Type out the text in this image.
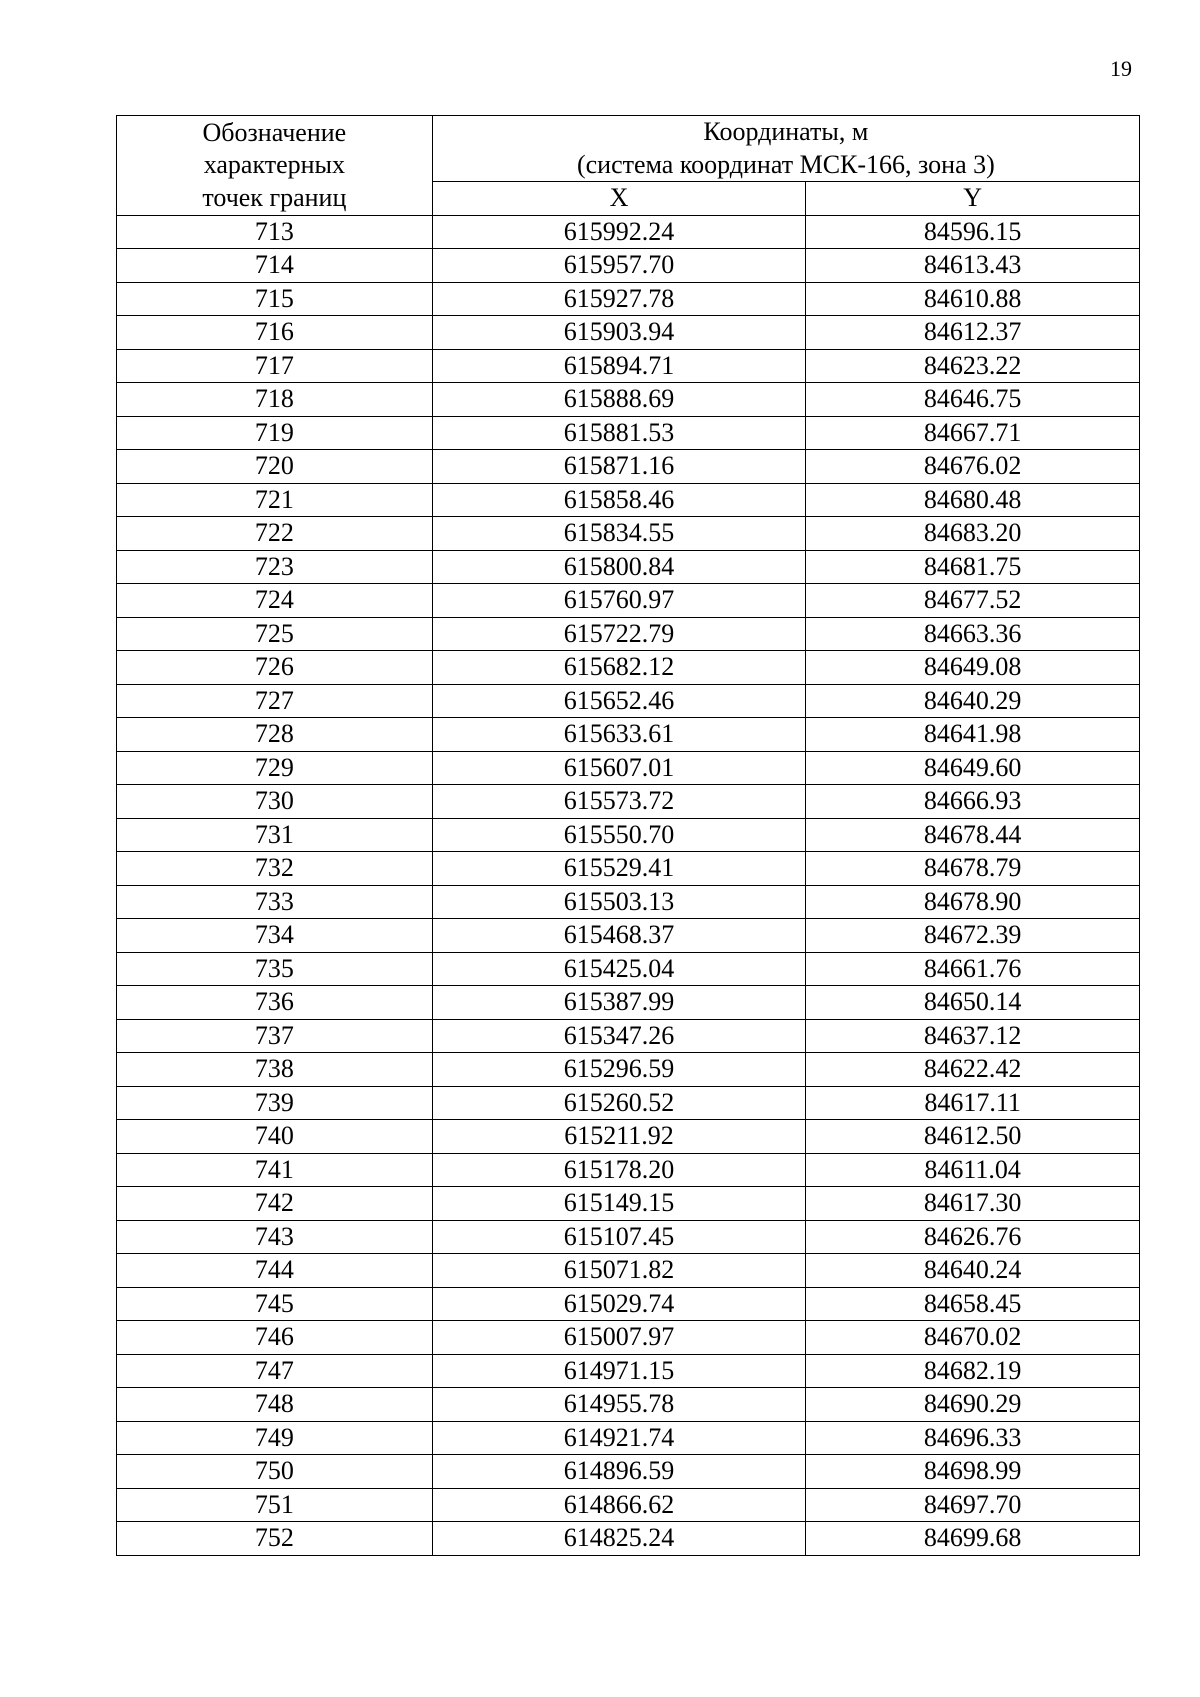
19
Обозначение
характерных
точек границ	Координаты, м
(система координат МСК-166, зона 3)	

	X	Y
713	615992.24	84596.15
714	615957.70	84613.43
715	615927.78	84610.88
716	615903.94	84612.37
717	615894.71	84623.22
718	615888.69	84646.75
719	615881.53	84667.71
720	615871.16	84676.02
721	615858.46	84680.48
722	615834.55	84683.20
723	615800.84	84681.75
724	615760.97	84677.52
725	615722.79	84663.36
726	615682.12	84649.08
727	615652.46	84640.29
728	615633.61	84641.98
729	615607.01	84649.60
730	615573.72	84666.93
731	615550.70	84678.44
732	615529.41	84678.79
733	615503.13	84678.90
734	615468.37	84672.39
735	615425.04	84661.76
736	615387.99	84650.14
737	615347.26	84637.12
738	615296.59	84622.42
739	615260.52	84617.11
740	615211.92	84612.50
741	615178.20	84611.04
742	615149.15	84617.30
743	615107.45	84626.76
744	615071.82	84640.24
745	615029.74	84658.45
746	615007.97	84670.02
747	614971.15	84682.19
748	614955.78	84690.29
749	614921.74	84696.33
750	614896.59	84698.99
751	614866.62	84697.70
752	614825.24	84699.68
